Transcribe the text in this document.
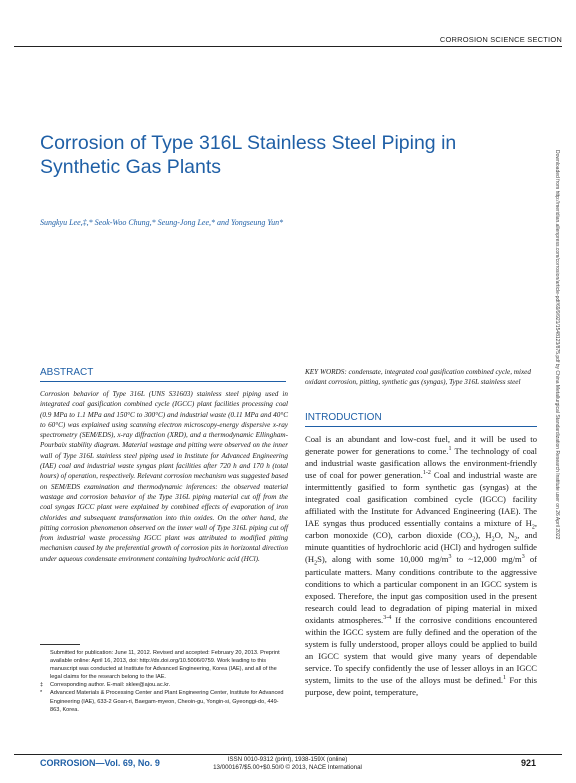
CORROSION SCIENCE SECTION
Corrosion of Type 316L Stainless Steel Piping in Synthetic Gas Plants
Sungkyu Lee,‡,* Seok-Woo Chung,* Seung-Jong Lee,* and Yongseung Yun*	Downloaded from http://meridian.allenpress.com/corrosion/article-pdf/69/9/921/1548123/875.pdf by China Metallurgical Standardization Research Institute user on 26 April 2022
ABSTRACT
Corrosion behavior of Type 316L (UNS S31603) stainless steel piping used in integrated coal gasification combined cycle (IGCC) plant facilities processing coal (0.9 MPa to 1.1 MPa and 150°C to 300°C) and industrial waste (0.11 MPa and 40°C to 60°C) was explained using scanning electron microscopy-energy dispersive x-ray spectrometry (SEM/EDS), x-ray diffraction (XRD), and a thermodynamic Ellingham-Pourbaix stability diagram. Material wastage and pitting were observed on the inner wall of Type 316L stainless steel piping used in Institute for Advanced Engineering (IAE) coal and industrial waste syngas plant facilities after 720 h and 170 h (total hours) of operation, respectively. Relevant corrosion mechanism was suggested based on SEM/EDS examination and thermodynamic inferences: the observed material wastage and corrosion behavior of the Type 316L piping material cut off from the coal syngas IGCC plant were explained by combined effects of evaporation of iron chlorides and subsequent transformation into thin oxides. On the other hand, the pitting corrosion phenomenon observed on the inner wall of Type 316L piping cut off from industrial waste processing IGCC plant was attributed to modified pitting mechanism caused by the preferential growth of corrosion pits in horizontal direction under aqueous condensate environment containing hydrochloric acid (HCl).
KEY WORDS: condensate, integrated coal gasification combined cycle, mixed oxidant corrosion, pitting, synthetic gas (syngas), Type 316L stainless steel
INTRODUCTION
Coal is an abundant and low-cost fuel, and it will be used to generate power for generations to come.$^1$ The technology of coal and industrial waste gasification allows the environment-friendly use of coal for power generation.$^{1-2}$ Coal and industrial waste are intermittently gasified to form synthetic gas (syngas) at the integrated coal gasification combined cycle (IGCC) facility affiliated with the Institute for Advanced Engineering (IAE). The IAE syngas thus produced essentially contains a mixture of $H_2$, carbon monoxide (CO), carbon dioxide $(CO_2)$, $H_2O$, $N_2$, and minute quantities of hydrochloric acid (HCl) and hydrogen sulfide $(H_2S)$, along with some 10,000 $mg/m^3$ to ~12,000 $mg/m^3$ of particulate matters. Many conditions contribute to the aggressive conditions to which a particular component in an IGCC system is exposed. Therefore, the input gas composition used in the present research could lead to degradation of piping material in mixed oxidants atmospheres.$^{3-4}$ If the corrosive conditions encountered within the IGCC system are fully defined and the operation of the system is fully understood, proper alloys could be applied to build an IGCC system that would give many years of dependable service. To specify confidently the use of lesser alloys in an IGCC system, limits to the use of the alloys must be defined.$^1$ For this purpose, dew point, temperature,
Submitted for publication: June 11, 2012. Revised and accepted: February 20, 2013. Preprint available online: April 16, 2013, doi: http://dx.doi.org/10.5006/0759. Work leading to this manuscript was conducted at Institute for Advanced Engineering, Korea (IAE), and all of the legal claims for the research belong to the IAE.
‡ Corresponding author. E-mail: sklee@ajou.ac.kr.
* Advanced Materials & Processing Center and Plant Engineering Center, Institute for Advanced Engineering (IAE), 633-2 Goan-ri, Baegam-myeon, Cheoin-gu, Yongin-si, Gyeonggi-do, 449-863, Korea.
CORROSION—Vol. 69, No. 9	ISSN 0010-9312 (print), 1938-159X (online)
13/000167/$5.00+$0.50/0 © 2013, NACE International	921
